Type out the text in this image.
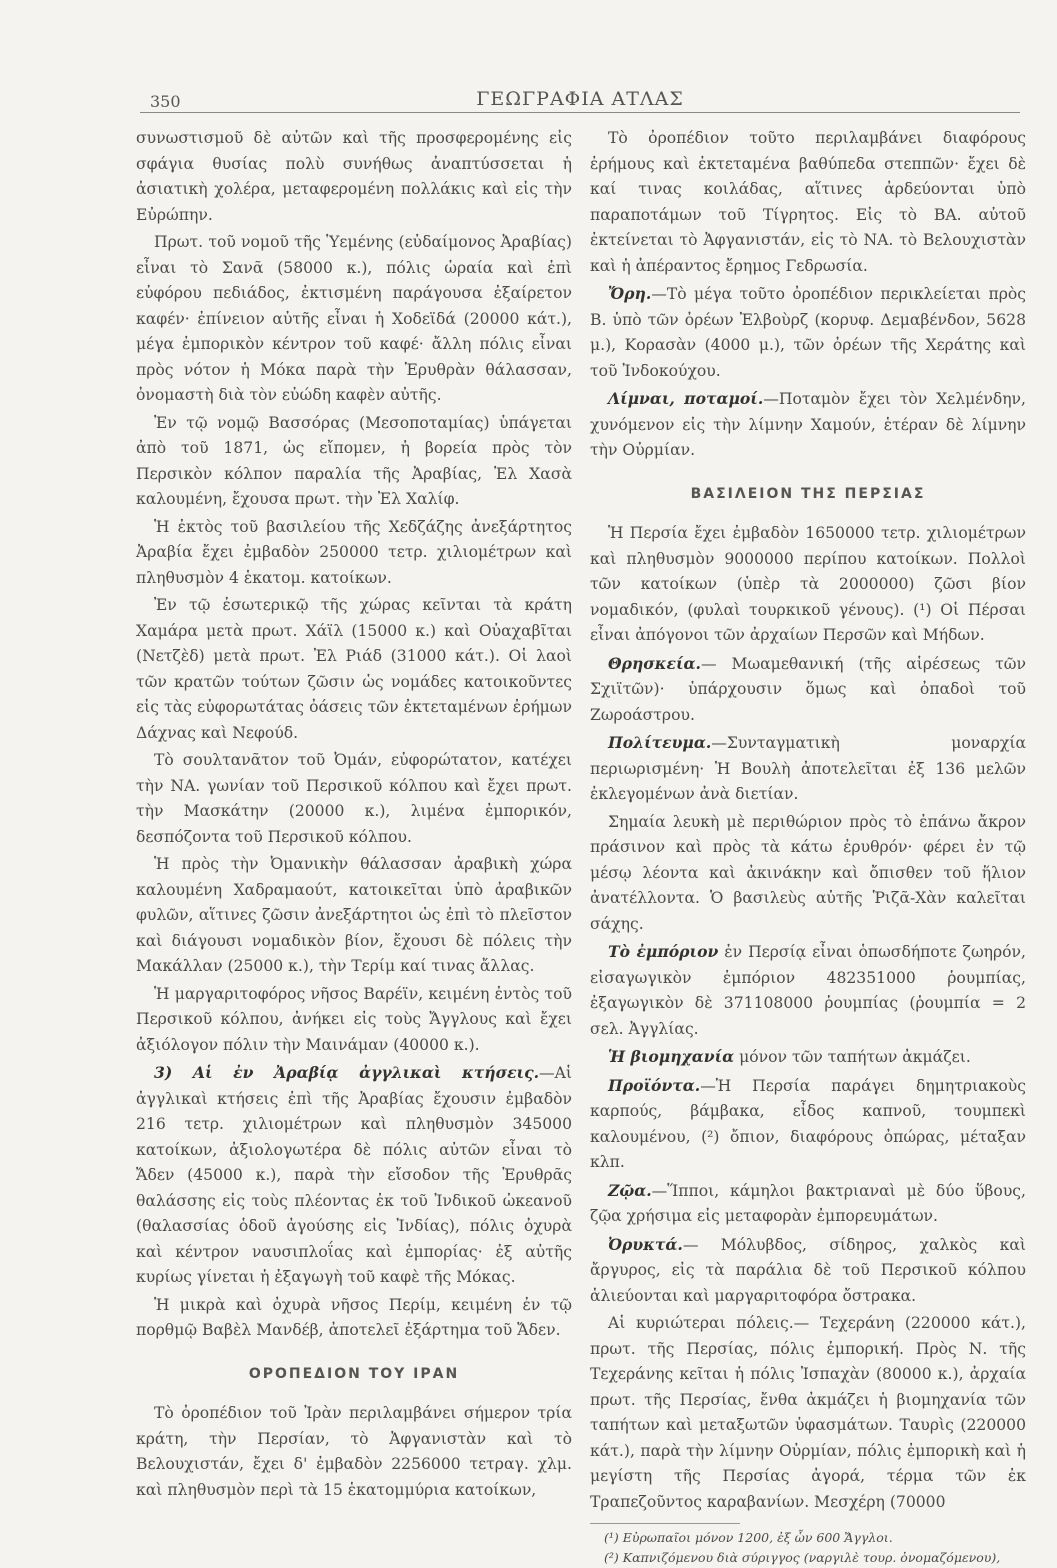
350	ΓΕΩΓΡΑΦΙΑ ΑΤΛΑΣ

συνωστισμοῦ δὲ αὐτῶν καὶ τῆς προσφερομένης εἰς σφάγια θυσίας πολὺ συνήθως ἀναπτύσσεται ἡ ἀσιατικὴ χολέρα, μεταφερομένη πολλάκις καὶ εἰς τὴν Εὐρώπην.

Πρωτ. τοῦ νομοῦ τῆς Ὑεμένης (εὐδαίμονος Ἀραβίας) εἶναι τὸ Σανᾶ (58000 κ.), πόλις ὡραία καὶ ἐπὶ εὐφόρου πεδιάδος, ἐκτισμένη παράγουσα ἐξαίρετον καφέν· ἐπίνειον αὐτῆς εἶναι ἡ Χοδεϊδά (20000 κάτ.), μέγα ἐμπορικὸν κέντρον τοῦ καφέ· ἄλλη πόλις εἶναι πρὸς νότον ἡ Μόκα παρὰ τὴν Ἐρυθρὰν θάλασσαν, ὀνομαστὴ διὰ τὸν εὐώδη καφὲν αὐτῆς.

Ἐν τῷ νομῷ Βασσόρας (Μεσοποταμίας) ὑπάγεται ἀπὸ τοῦ 1871, ὡς εἴπομεν, ἡ βορεία πρὸς τὸν Περσικὸν κόλπον παραλία τῆς Ἀραβίας, Ἐλ Χασὰ καλουμένη, ἔχουσα πρωτ. τὴν Ἐλ Χαλίφ.

Ἡ ἐκτὸς τοῦ βασιλείου τῆς Χεδζάζης ἀνεξάρτητος Ἀραβία ἔχει ἐμβαδὸν 250000 τετρ. χιλιομέτρων καὶ πληθυσμὸν 4 ἑκατομ. κατοίκων.

Ἐν τῷ ἐσωτερικῷ τῆς χώρας κεῖνται τὰ κράτη Χαμάρα μετὰ πρωτ. Χάϊλ (15000 κ.) καὶ Οὐαχαβῖται (Νετζὲδ) μετὰ πρωτ. Ἐλ Ριάδ (31000 κάτ.). Οἱ λαοὶ τῶν κρατῶν τούτων ζῶσιν ὡς νομάδες κατοικοῦντες εἰς τὰς εὐφορωτάτας ὀάσεις τῶν ἐκτεταμένων ἐρήμων Δάχνας καὶ Νεφούδ.

Τὸ σουλτανᾶτον τοῦ Ὀμάν, εὐφορώτατον, κατέχει τὴν ΝΑ. γωνίαν τοῦ Περσικοῦ κόλπου καὶ ἔχει πρωτ. τὴν Μασκάτην (20000 κ.), λιμένα ἐμπορικόν, δεσπόζοντα τοῦ Περσικοῦ κόλπου.

Ἡ πρὸς τὴν Ὀμανικὴν θάλασσαν ἀραβικὴ χώρα καλουμένη Χαδραμαούτ, κατοικεῖται ὑπὸ ἀραβικῶν φυλῶν, αἵτινες ζῶσιν ἀνεξάρτητοι ὡς ἐπὶ τὸ πλεῖστον καὶ διάγουσι νομαδικὸν βίον, ἔχουσι δὲ πόλεις τὴν Μακάλλαν (25000 κ.), τὴν Τερίμ καί τινας ἄλλας.

Ἡ μαργαριτοφόρος νῆσος Βαρέϊν, κειμένη ἐντὸς τοῦ Περσικοῦ κόλπου, ἀνήκει εἰς τοὺς Ἄγγλους καὶ ἔχει ἀξιόλογον πόλιν τὴν Μαινάμαν (40000 κ.).

3) Αἱ ἐν Ἀραβίᾳ ἀγγλικαὶ κτήσεις.—Αἱ ἀγγλικαὶ κτήσεις ἐπὶ τῆς Ἀραβίας ἔχουσιν ἐμβαδὸν 216 τετρ. χιλιομέτρων καὶ πληθυσμὸν 345000 κατοίκων, ἀξιολογωτέρα δὲ πόλις αὐτῶν εἶναι τὸ Ἄδεν (45000 κ.), παρὰ τὴν εἴσοδον τῆς Ἐρυθρᾶς θαλάσσης εἰς τοὺς πλέοντας ἐκ τοῦ Ἰνδικοῦ ὠκεανοῦ (θαλασσίας ὁδοῦ ἀγούσης εἰς Ἰνδίας), πόλις ὀχυρὰ καὶ κέντρον ναυσιπλοΐας καὶ ἐμπορίας· ἐξ αὐτῆς κυρίως γίνεται ἡ ἐξαγωγὴ τοῦ καφὲ τῆς Μόκας.

Ἡ μικρὰ καὶ ὀχυρὰ νῆσος Περίμ, κειμένη ἐν τῷ πορθμῷ Βαβὲλ Μανδέβ, ἀποτελεῖ ἐξάρτημα τοῦ Ἄδεν.

ΟΡΟΠΕΔΙΟΝ ΤΟΥ ΙΡΑΝ

Τὸ ὀροπέδιον τοῦ Ἰρὰν περιλαμβάνει σήμερον τρία κράτη, τὴν Περσίαν, τὸ Ἀφγανιστὰν καὶ τὸ Βελουχιστάν, ἔχει δ' ἐμβαδὸν 2256000 τετραγ. χλμ. καὶ πληθυσμὸν περὶ τὰ 15 ἑκατομμύρια κατοίκων,

Τὸ ὀροπέδιον τοῦτο περιλαμβάνει διαφόρους ἐρήμους καὶ ἐκτεταμένα βαθύπεδα στεππῶν· ἔχει δὲ καί τινας κοιλάδας, αἵτινες ἀρδεύονται ὑπὸ παραποτάμων τοῦ Τίγρητος. Εἰς τὸ ΒΑ. αὐτοῦ ἐκτείνεται τὸ Ἀφγανιστάν, εἰς τὸ ΝΑ. τὸ Βελουχιστὰν καὶ ἡ ἀπέραντος ἔρημος Γεδρωσία.

Ὄρη.—Τὸ μέγα τοῦτο ὀροπέδιον περικλείεται πρὸς Β. ὑπὸ τῶν ὀρέων Ἐλβοὺρζ (κορυφ. Δεμαβένδον, 5628 μ.), Κορασὰν (4000 μ.), τῶν ὀρέων τῆς Χεράτης καὶ τοῦ Ἰνδοκούχου.

Λίμναι, ποταμοί.—Ποταμὸν ἔχει τὸν Χελμένδην, χυνόμενον εἰς τὴν λίμνην Χαμούν, ἑτέραν δὲ λίμνην τὴν Οὐρμίαν.

ΒΑΣΙΛΕΙΟΝ ΤΗΣ ΠΕΡΣΙΑΣ

Ἡ Περσία ἔχει ἐμβαδὸν 1650000 τετρ. χιλιομέτρων καὶ πληθυσμὸν 9000000 περίπου κατοίκων. Πολλοὶ τῶν κατοίκων (ὑπὲρ τὰ 2000000) ζῶσι βίον νομαδικόν, (φυλαὶ τουρκικοῦ γένους). (¹) Οἱ Πέρσαι εἶναι ἀπόγονοι τῶν ἀρχαίων Περσῶν καὶ Μήδων.

Θρησκεία.— Μωαμεθανική (τῆς αἱρέσεως τῶν Σχιϊτῶν)· ὑπάρχουσιν ὅμως καὶ ὀπαδοὶ τοῦ Ζωροάστρου.

Πολίτευμα.—Συνταγματικὴ μοναρχία περιωρισμένη· Ἡ Βουλὴ ἀποτελεῖται ἐξ 136 μελῶν ἐκλεγομένων ἀνὰ διετίαν.

Σημαία λευκὴ μὲ περιθώριον πρὸς τὸ ἐπάνω ἄκρον πράσινον καὶ πρὸς τὰ κάτω ἐρυθρόν· φέρει ἐν τῷ μέσῳ λέοντα καὶ ἀκινάκην καὶ ὄπισθεν τοῦ ἥλιον ἀνατέλλοντα. Ὁ βασιλεὺς αὐτῆς Ῥιζᾶ-Χὰν καλεῖται σάχης.

Τὸ ἐμπόριον ἐν Περσίᾳ εἶναι ὁπωσδήποτε ζωηρόν, εἰσαγωγικὸν ἐμπόριον 482351000 ῥουμπίας, ἐξαγωγικὸν δὲ 371108000 ῥουμπίας (ῥουμπία = 2 σελ. Ἀγγλίας.

Ἡ βιομηχανία μόνον τῶν ταπήτων ἀκμάζει.

Προϊόντα.—Ἡ Περσία παράγει δημητριακοὺς καρπούς, βάμβακα, εἶδος καπνοῦ, τουμπεκὶ καλουμένου, (²) ὄπιον, διαφόρους ὀπώρας, μέταξαν κλπ.

Ζῷα.—Ἵπποι, κάμηλοι βακτριαναὶ μὲ δύο ὕβους, ζῷα χρήσιμα εἰς μεταφορὰν ἐμπορευμάτων.

Ὀρυκτά.— Μόλυβδος, σίδηρος, χαλκὸς καὶ ἄργυρος, εἰς τὰ παράλια δὲ τοῦ Περσικοῦ κόλπου ἁλιεύονται καὶ μαργαριτοφόρα ὄστρακα.

Αἱ κυριώτεραι πόλεις.— Τεχεράνη (220000 κάτ.), πρωτ. τῆς Περσίας, πόλις ἐμπορική. Πρὸς Ν. τῆς Τεχεράνης κεῖται ἡ πόλις Ἰσπαχὰν (80000 κ.), ἀρχαία πρωτ. τῆς Περσίας, ἔνθα ἀκμάζει ἡ βιομηχανία τῶν ταπήτων καὶ μεταξωτῶν ὑφασμάτων. Ταυρὶς (220000 κάτ.), παρὰ τὴν λίμνην Οὐρμίαν, πόλις ἐμπορικὴ καὶ ἡ μεγίστη τῆς Περσίας ἀγορά, τέρμα τῶν ἐκ Τραπεζοῦντος καραβανίων. Μεσχέρη (70000

(¹) Εὐρωπαῖοι μόνον 1200, ἐξ ὧν 600 Ἄγγλοι.
(²) Καπνιζόμενου διὰ σύριγγος (ναργιλὲ τουρ. ὀνομαζόμενου),
